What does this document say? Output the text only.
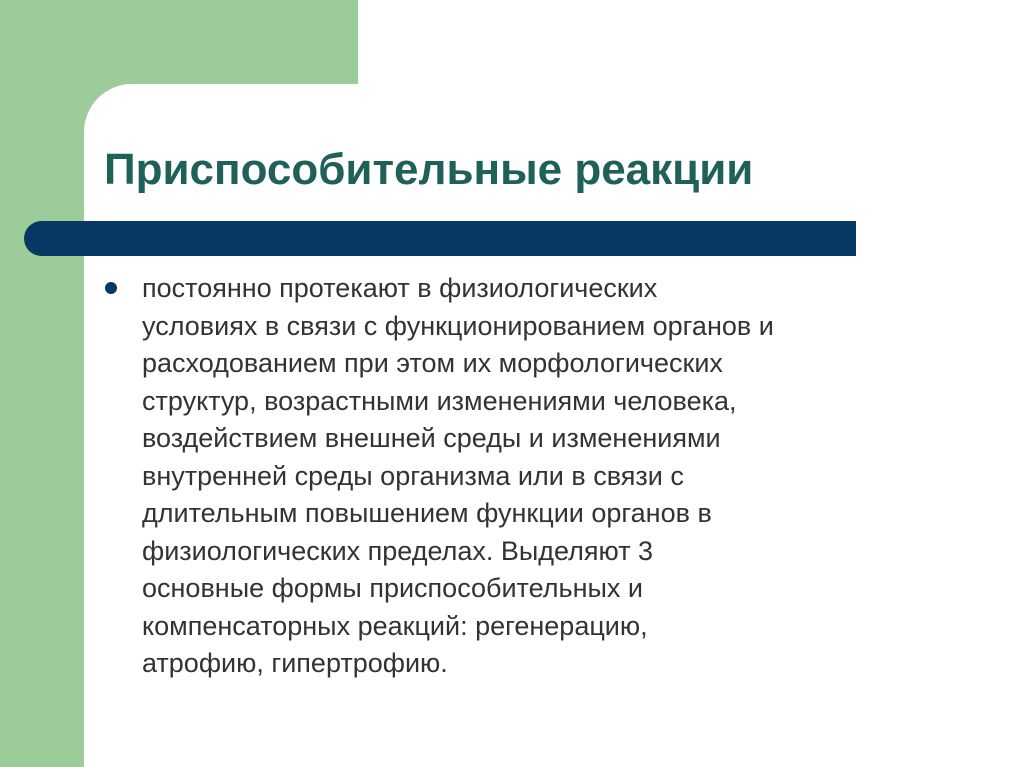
Приспособительные реакции

постоянно протекают в физиологических
условиях в связи с функционированием органов и
расходованием при этом их морфологических
структур, возрастными изменениями человека,
воздействием внешней среды и изменениями
внутренней среды организма или в связи с
длительным повышением функции органов в
физиологических пределах. Выделяют 3
основные формы приспособительных и
компенсаторных реакций: регенерацию,
атрофию, гипертрофию.
